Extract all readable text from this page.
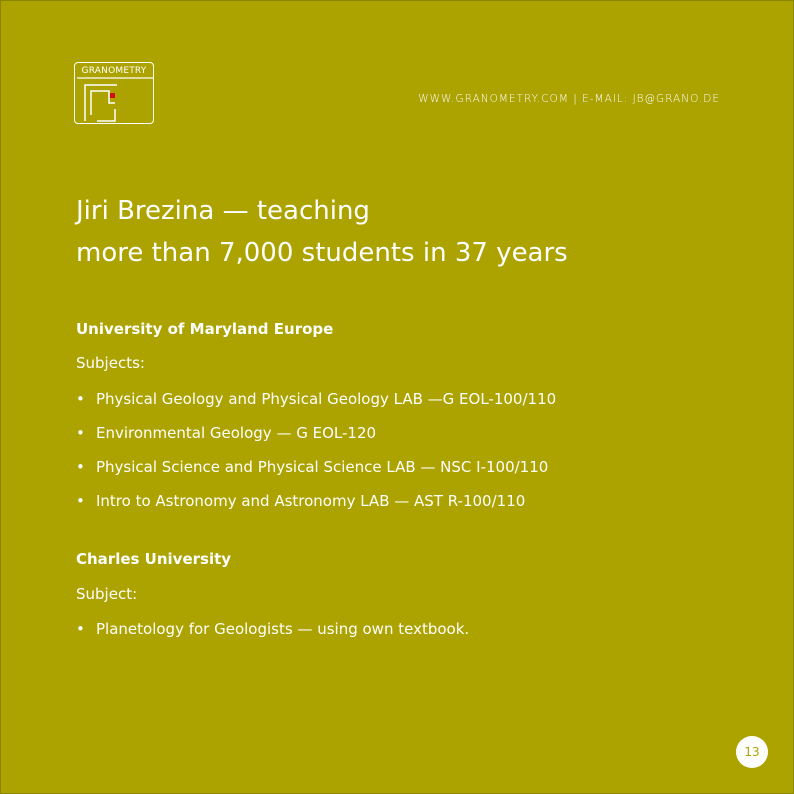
GRANOMETRY
WWW.GRANOMETRY.COM | E-MAIL: JB@GRANO.DE
Jiri Brezina — teaching
more than 7,000 students in 37 years
University of Maryland Europe
Subjects:
• Physical Geology and Physical Geology LAB —G EOL-100/110
• Environmental Geology — G EOL-120
• Physical Science and Physical Science LAB — NSC I-100/110
• Intro to Astronomy and Astronomy LAB — AST R-100/110
Charles University
Subject:
• Planetology for Geologists — using own textbook.
13
